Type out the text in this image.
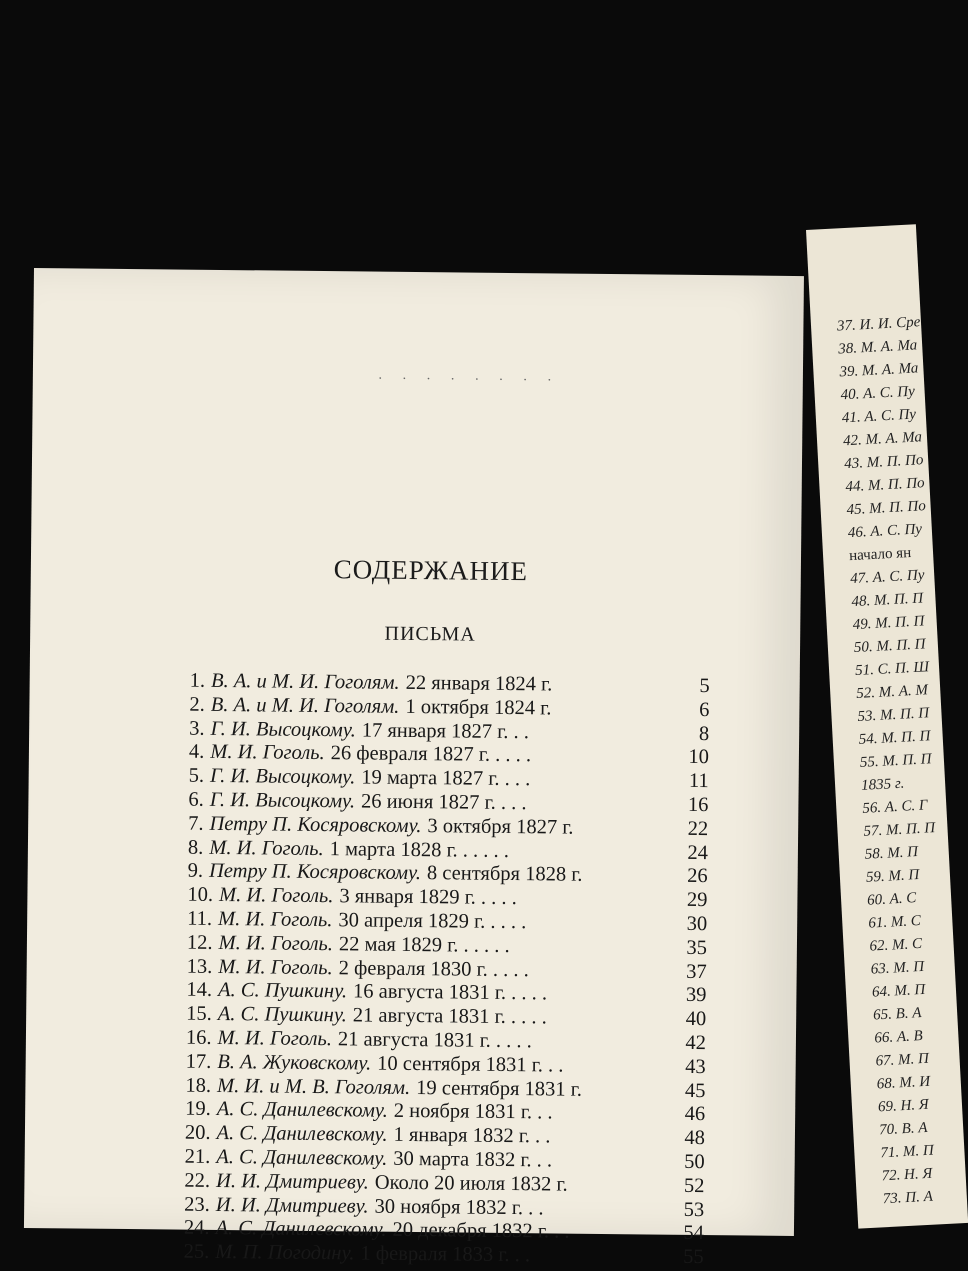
· · · · · · · ·
СОДЕРЖАНИЕ
ПИСЬМА
1. В. А. и М. И. Гоголям. 22 января 1824 г.	5
2. В. А. и М. И. Гоголям. 1 октября 1824 г.	6
3. Г. И. Высоцкому. 17 января 1827 г. . .	8
4. М. И. Гоголь. 26 февраля 1827 г. . . . .	10
5. Г. И. Высоцкому. 19 марта 1827 г. . . .	11
6. Г. И. Высоцкому. 26 июня 1827 г. . . .	16
7. Петру П. Косяровскому. 3 октября 1827 г.	22
8. М. И. Гоголь. 1 марта 1828 г. . . . . .	24
9. Петру П. Косяровскому. 8 сентября 1828 г.	26
10. М. И. Гоголь. 3 января 1829 г. . . . .	29
11. М. И. Гоголь. 30 апреля 1829 г. . . . .	30
12. М. И. Гоголь. 22 мая 1829 г. . . . . .	35
13. М. И. Гоголь. 2 февраля 1830 г. . . . .	37
14. А. С. Пушкину. 16 августа 1831 г. . . . .	39
15. А. С. Пушкину. 21 августа 1831 г. . . . .	40
16. М. И. Гоголь. 21 августа 1831 г. . . . .	42
17. В. А. Жуковскому. 10 сентября 1831 г. . .	43
18. М. И. и М. В. Гоголям. 19 сентября 1831 г.	45
19. А. С. Данилевскому. 2 ноября 1831 г. . .	46
20. А. С. Данилевскому. 1 января 1832 г. . .	48
21. А. С. Данилевскому. 30 марта 1832 г. . .	50
22. И. И. Дмитриеву. Около 20 июля 1832 г.	52
23. И. И. Дмитриеву. 30 ноября 1832 г. . .	53
24. А. С. Данилевскому. 20 декабря 1832 г. . .	54
25. М. П. Погодину. 1 февраля 1833 г. . .	55
37. И. И. Сре
38. М. А. Ма
39. М. А. Ма
40. А. С. Пу
41. А. С. Пу
42. М. А. Ма
43. М. П. По
44. М. П. По
45. М. П. По
46. А. С. Пу
начало ян
47. А. С. Пу
48. М. П. П
49. М. П. П
50. М. П. П
51. С. П. Ш
52. М. А. М
53. М. П. П
54. М. П. П
55. М. П. П
1835 г.
56. А. С. Г
57. М. П. П
58. М. П
59. М. П
60. А. С
61. М. С
62. М. С
63. М. П
64. М. П
65. В. А
66. А. В
67. М. П
68. М. И
69. Н. Я
70. В. А
71. М. П
72. Н. Я
73. П. А
